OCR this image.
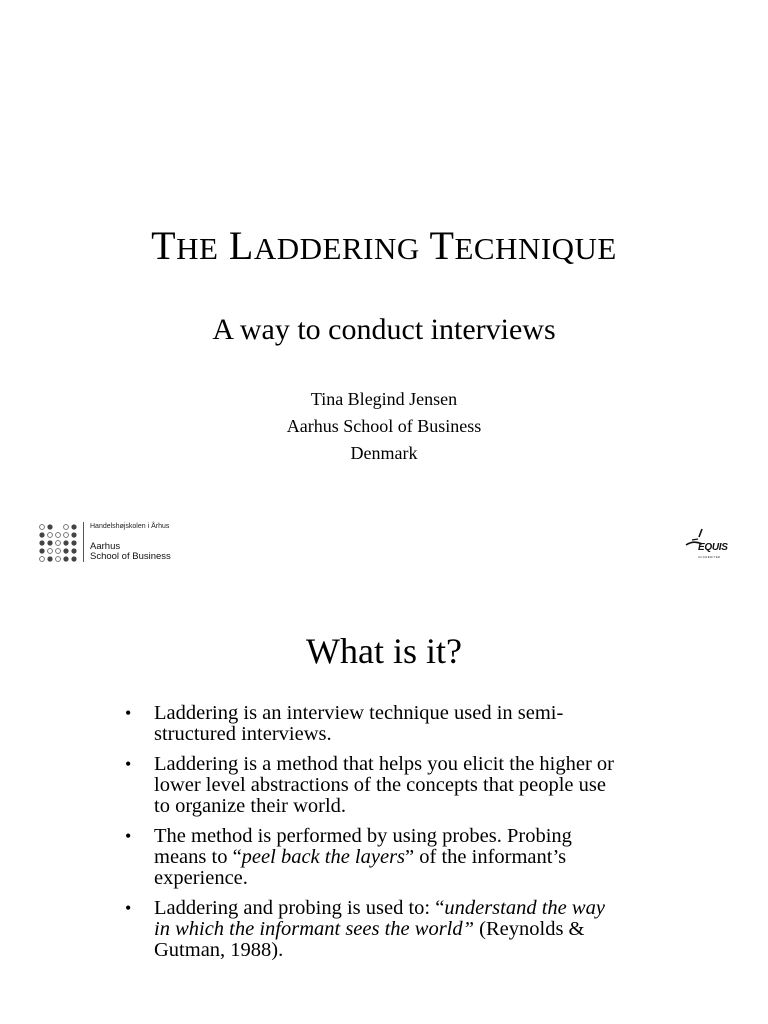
THE LADDERING TECHNIQUE
A way to conduct interviews
Tina Blegind Jensen
Aarhus School of Business
Denmark
Handelshøjskolen i Århus
Aarhus
School of Business
EQUIS
ACCREDITED
What is it?
• Laddering is an interview technique used in semi-structured interviews.
• Laddering is a method that helps you elicit the higher or lower level abstractions of the concepts that people use to organize their world.
• The method is performed by using probes. Probing means to “peel back the layers” of the informant’s experience.
• Laddering and probing is used to: “understand the way in which the informant sees the world” (Reynolds & Gutman, 1988).
